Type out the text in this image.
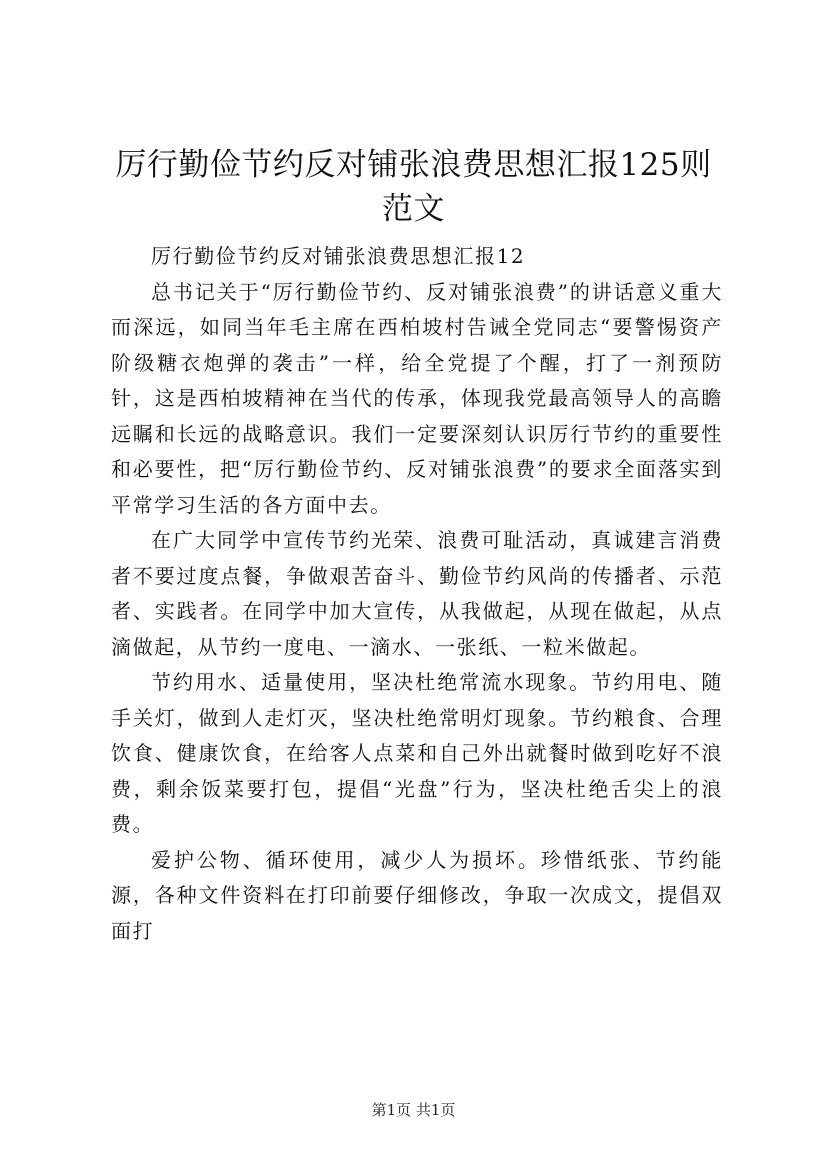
厉行勤俭节约反对铺张浪费思想汇报125则范文

厉行勤俭节约反对铺张浪费思想汇报12

总书记关于“厉行勤俭节约、反对铺张浪费”的讲话意义重大而深远，如同当年毛主席在西柏坡村告诫全党同志“要警惕资产阶级糖衣炮弹的袭击”一样，给全党提了个醒，打了一剂预防针，这是西柏坡精神在当代的传承，体现我党最高领导人的高瞻远瞩和长远的战略意识。我们一定要深刻认识厉行节约的重要性和必要性，把“厉行勤俭节约、反对铺张浪费”的要求全面落实到平常学习生活的各方面中去。

在广大同学中宣传节约光荣、浪费可耻活动，真诚建言消费者不要过度点餐，争做艰苦奋斗、勤俭节约风尚的传播者、示范者、实践者。在同学中加大宣传，从我做起，从现在做起，从点滴做起，从节约一度电、一滴水、一张纸、一粒米做起。

节约用水、适量使用，坚决杜绝常流水现象。节约用电、随手关灯，做到人走灯灭，坚决杜绝常明灯现象。节约粮食、合理饮食、健康饮食，在给客人点菜和自己外出就餐时做到吃好不浪费，剩余饭菜要打包，提倡“光盘”行为，坚决杜绝舌尖上的浪费。

爱护公物、循环使用，减少人为损坏。珍惜纸张、节约能源，各种文件资料在打印前要仔细修改，争取一次成文，提倡双面打

第1页 共1页
